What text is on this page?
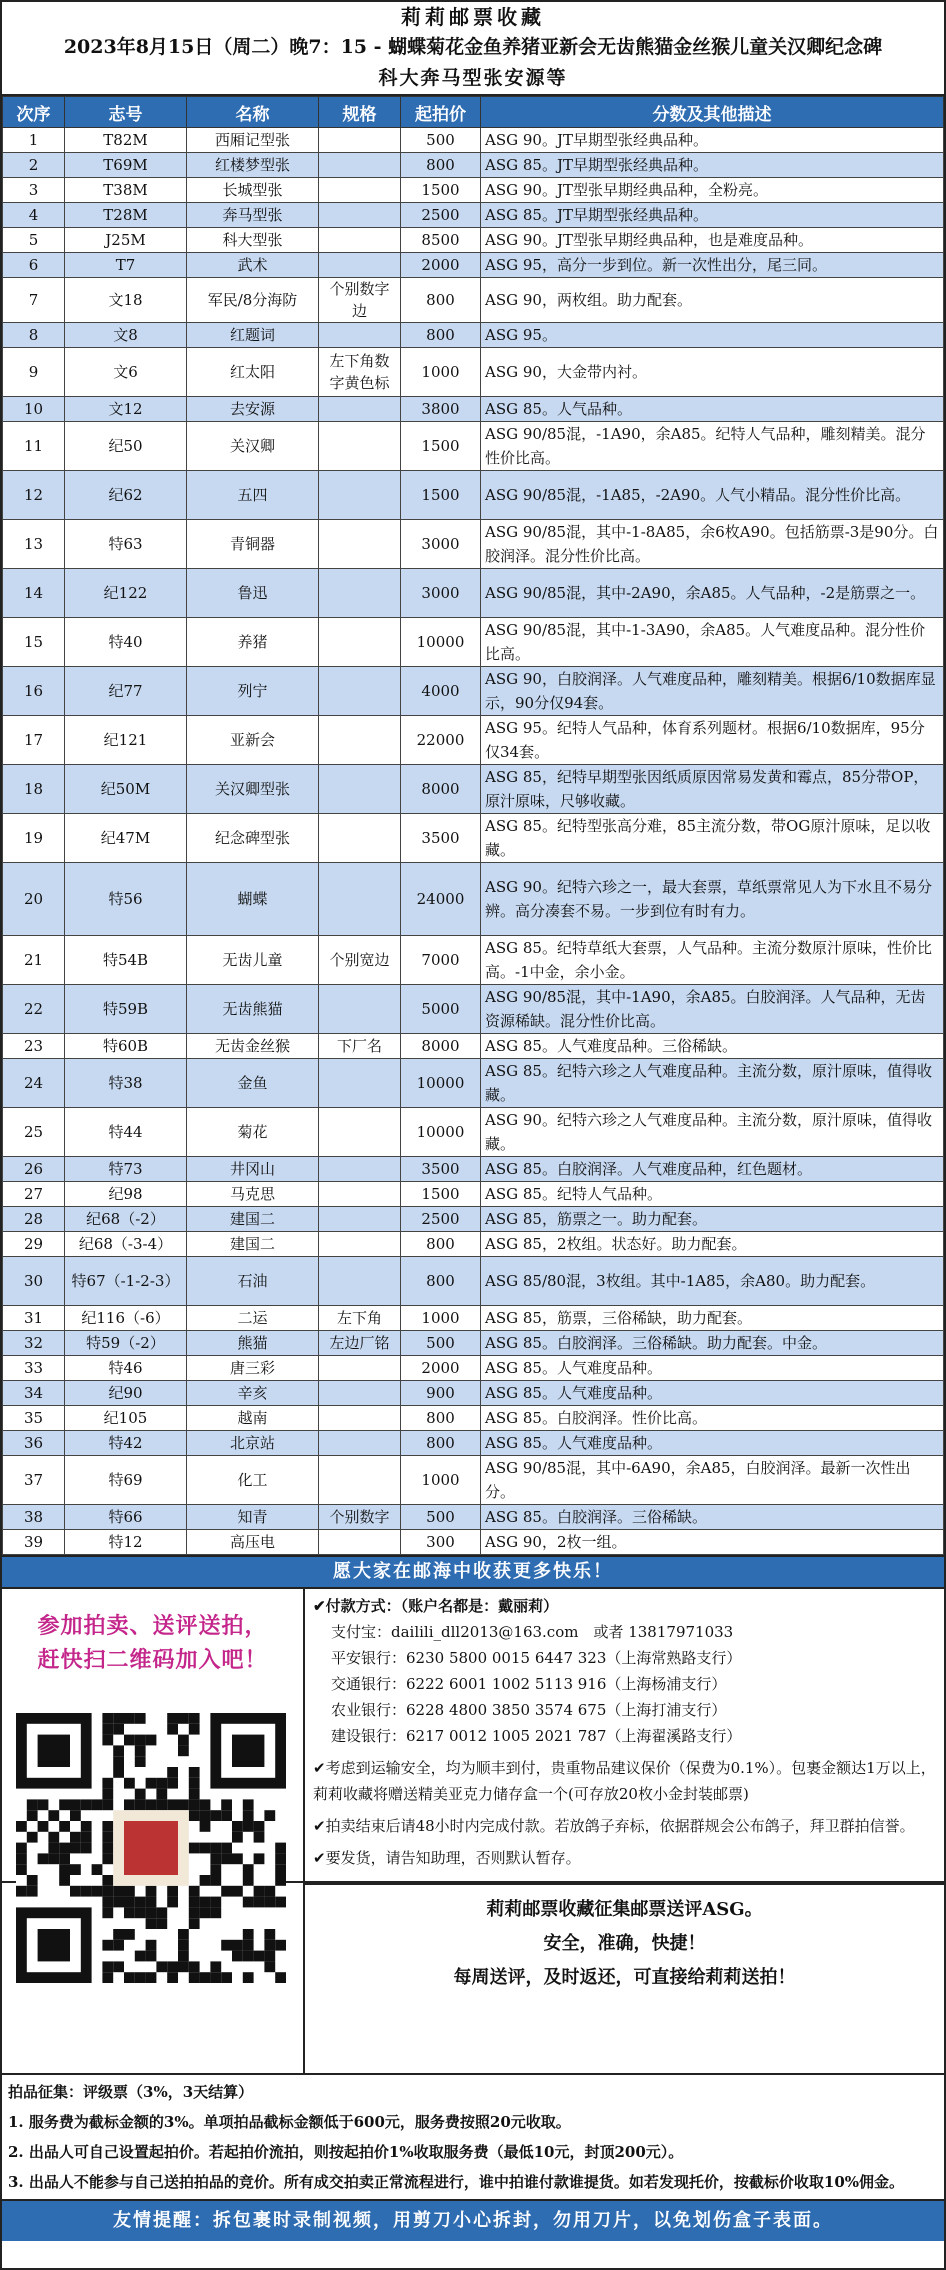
莉莉邮票收藏
2023年8月15日（周二）晚7：15 - 蝴蝶菊花金鱼养猪亚新会无齿熊猫金丝猴儿童关汉卿纪念碑
科大奔马型张安源等
次序	志号	名称	规格	起拍价	分数及其他描述
1	T82M	西厢记型张		500	ASG 90。JT早期型张经典品种。
2	T69M	红楼梦型张		800	ASG 85。JT早期型张经典品种。
3	T38M	长城型张		1500	ASG 90。JT型张早期经典品种，全粉亮。
4	T28M	奔马型张		2500	ASG 85。JT早期型张经典品种。
5	J25M	科大型张		8500	ASG 90。JT型张早期经典品种，也是难度品种。
6	T7	武术		2000	ASG 95，高分一步到位。新一次性出分，尾三同。
7	文18	军民/8分海防	个别数字边	800	ASG 90，两枚组。助力配套。
8	文8	红题词		800	ASG 95。
9	文6	红太阳	左下角数字黄色标	1000	ASG 90，大金带内衬。
10	文12	去安源		3800	ASG 85。人气品种。
11	纪50	关汉卿		1500	ASG 90/85混，-1A90，余A85。纪特人气品种，雕刻精美。混分性价比高。
12	纪62	五四		1500	ASG 90/85混，-1A85，-2A90。人气小精品。混分性价比高。
13	特63	青铜器		3000	ASG 90/85混，其中-1-8A85，余6枚A90。包括筋票-3是90分。白胶润泽。混分性价比高。
14	纪122	鲁迅		3000	ASG 90/85混，其中-2A90，余A85。人气品种，-2是筋票之一。
15	特40	养猪		10000	ASG 90/85混，其中-1-3A90，余A85。人气难度品种。混分性价比高。
16	纪77	列宁		4000	ASG 90，白胶润泽。人气难度品种，雕刻精美。根据6/10数据库显示，90分仅94套。
17	纪121	亚新会		22000	ASG 95。纪特人气品种，体育系列题材。根据6/10数据库，95分仅34套。
18	纪50M	关汉卿型张		8000	ASG 85，纪特早期型张因纸质原因常易发黄和霉点，85分带OP，原汁原味，尺够收藏。
19	纪47M	纪念碑型张		3500	ASG 85。纪特型张高分难，85主流分数，带OG原汁原味，足以收藏。
20	特56	蝴蝶		24000	ASG 90。纪特六珍之一，最大套票，草纸票常见人为下水且不易分辨。高分凑套不易。一步到位有时有力。
21	特54B	无齿儿童	个别宽边	7000	ASG 85。纪特草纸大套票，人气品种。主流分数原汁原味，性价比高。-1中金，余小金。
22	特59B	无齿熊猫		5000	ASG 90/85混，其中-1A90，余A85。白胶润泽。人气品种，无齿资源稀缺。混分性价比高。
23	特60B	无齿金丝猴	下厂名	8000	ASG 85。人气难度品种。三俗稀缺。
24	特38	金鱼		10000	ASG 85。纪特六珍之人气难度品种。主流分数，原汁原味，值得收藏。
25	特44	菊花		10000	ASG 90。纪特六珍之人气难度品种。主流分数，原汁原味，值得收藏。
26	特73	井冈山		3500	ASG 85。白胶润泽。人气难度品种，红色题材。
27	纪98	马克思		1500	ASG 85。纪特人气品种。
28	纪68（-2）	建国二		2500	ASG 85，筋票之一。助力配套。
29	纪68（-3-4）	建国二		800	ASG 85，2枚组。状态好。助力配套。
30	特67（-1-2-3）	石油		800	ASG 85/80混，3枚组。其中-1A85，余A80。助力配套。
31	纪116（-6）	二运	左下角	1000	ASG 85，筋票，三俗稀缺，助力配套。
32	特59（-2）	熊猫	左边厂铭	500	ASG 85。白胶润泽。三俗稀缺。助力配套。中金。
33	特46	唐三彩		2000	ASG 85。人气难度品种。
34	纪90	辛亥		900	ASG 85。人气难度品种。
35	纪105	越南		800	ASG 85。白胶润泽。性价比高。
36	特42	北京站		800	ASG 85。人气难度品种。
37	特69	化工		1000	ASG 90/85混，其中-6A90，余A85，白胶润泽。最新一次性出分。
38	特66	知青	个别数字	500	ASG 85。白胶润泽。三俗稀缺。
39	特12	高压电		300	ASG 90，2枚一组。
愿大家在邮海中收获更多快乐！
参加拍卖、送评送拍，
赶快扫二维码加入吧！
✔付款方式：（账户名都是：戴丽莉）
支付宝：dailili_dll2013@163.com　或者 13817971033
平安银行：6230 5800 0015 6447 323（上海常熟路支行）
交通银行：6222 6001 1002 5113 916（上海杨浦支行）
农业银行：6228 4800 3850 3574 675（上海打浦支行）
建设银行：6217 0012 1005 2021 787（上海翟溪路支行）
✔考虑到运输安全，均为顺丰到付，贵重物品建议保价（保费为0.1%）。包裹金额达1万以上，莉莉收藏将赠送精美亚克力储存盒一个(可存放20枚小金封装邮票)
✔拍卖结束后请48小时内完成付款。若放鸽子弃标，依据群规会公布鸽子，拜卫群拍信誉。
✔要发货，请告知助理，否则默认暂存。
莉莉邮票收藏征集邮票送评ASG。
安全，准确，快捷！
每周送评，及时返还，可直接给莉莉送拍！
拍品征集：评级票（3%，3天结算）
1. 服务费为截标金额的3%。单项拍品截标金额低于600元，服务费按照20元收取。
2. 出品人可自己设置起拍价。若起拍价流拍，则按起拍价1%收取服务费（最低10元，封顶200元）。
3. 出品人不能参与自己送拍拍品的竞价。所有成交拍卖正常流程进行，谁中拍谁付款谁提货。如若发现托价，按截标价收取10%佣金。
友情提醒：拆包裹时录制视频，用剪刀小心拆封，勿用刀片，以免划伤盒子表面。
